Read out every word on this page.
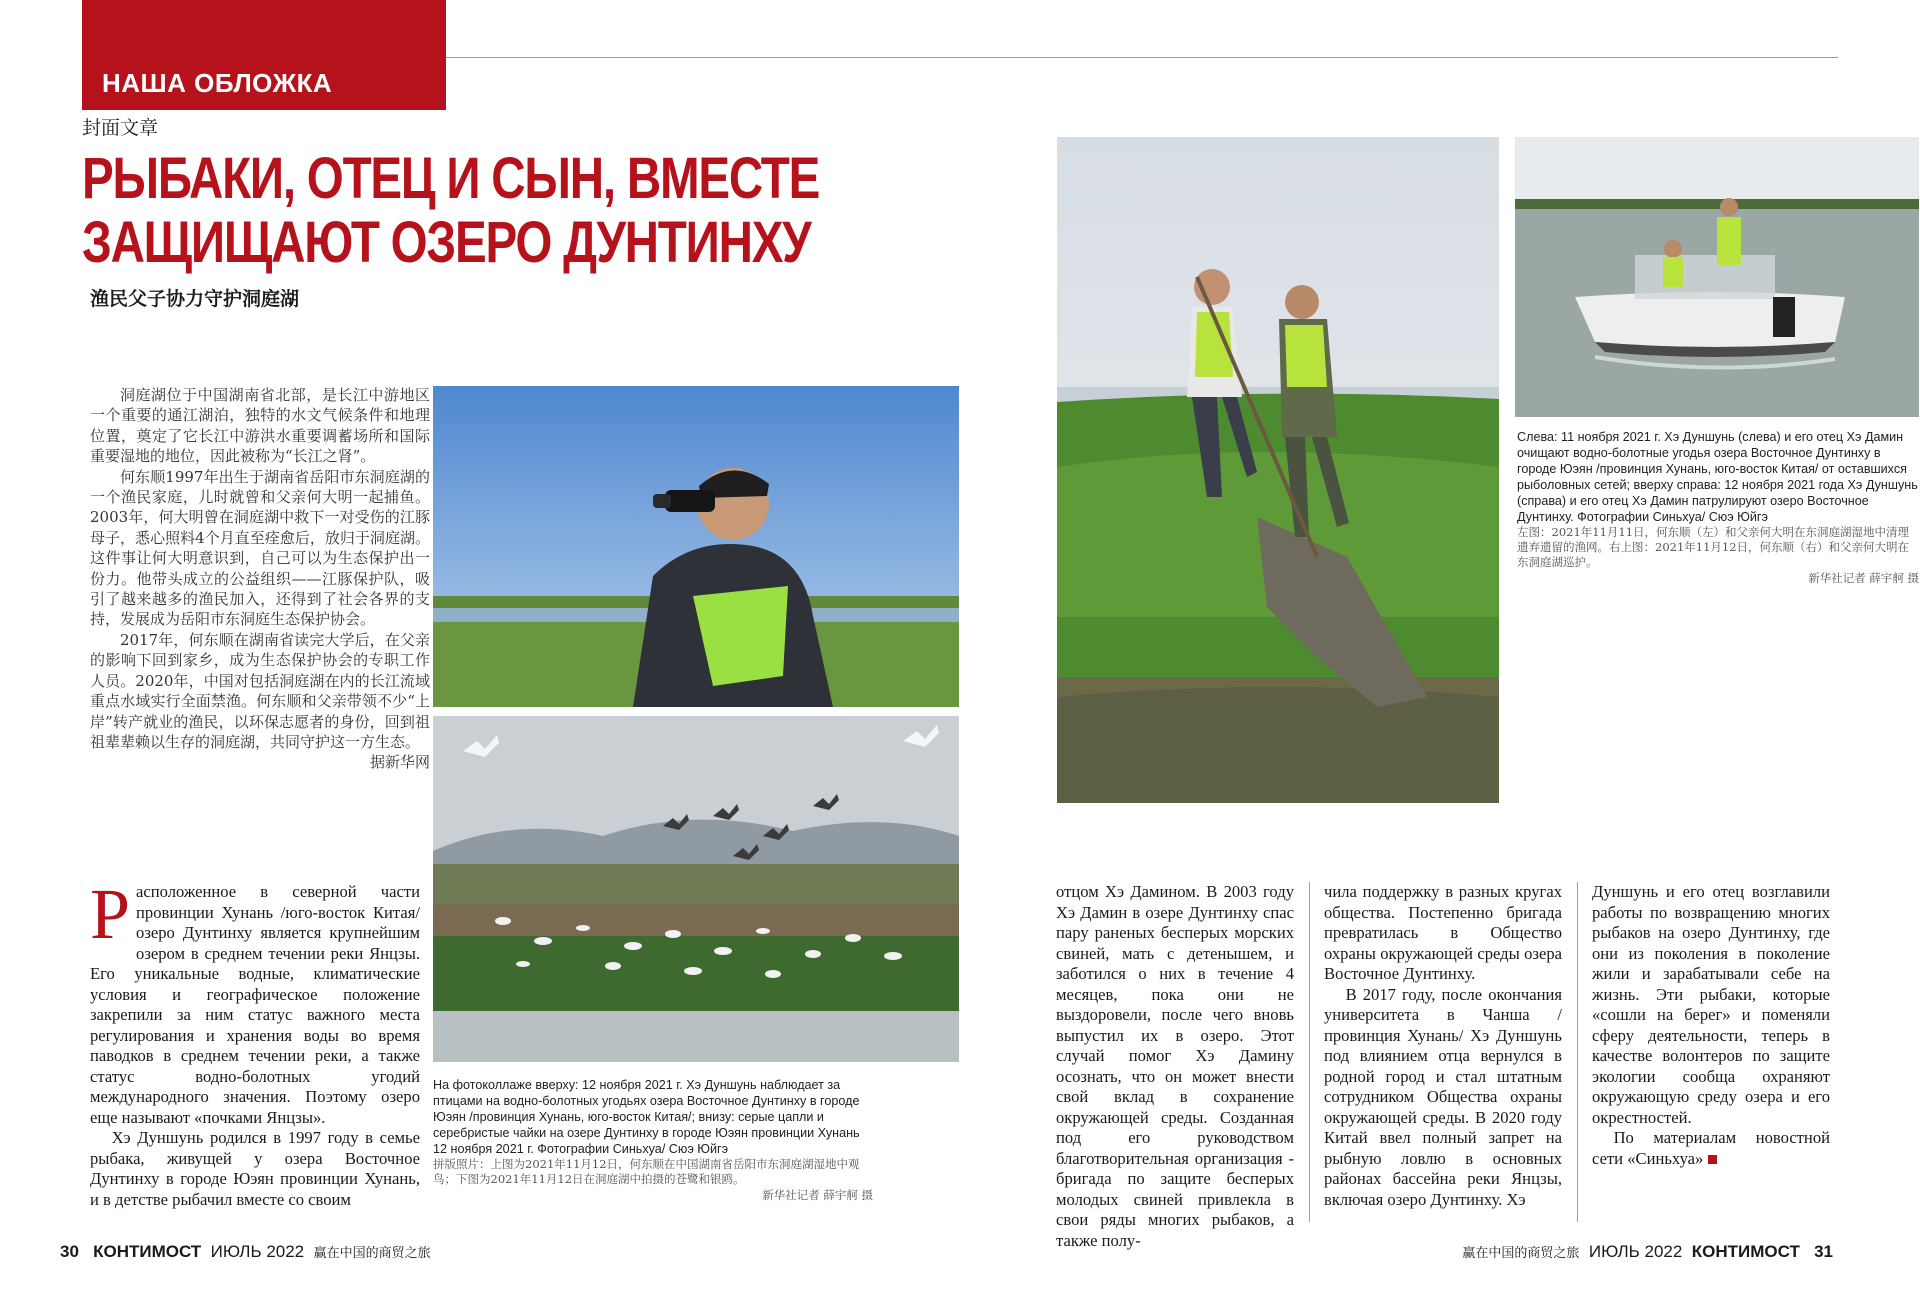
НАША ОБЛОЖКА
封面文章
РЫБАКИ, ОТЕЦ И СЫН, ВМЕСТЕ
ЗАЩИЩАЮТ ОЗЕРО ДУНТИНХУ
渔民父子协力守护洞庭湖

洞庭湖位于中国湖南省北部，是长江中游地区一个重要的通江湖泊，独特的水文气候条件和地理位置，奠定了它长江中游洪水重要调蓄场所和国际重要湿地的地位，因此被称为“长江之肾”。

何东顺1997年出生于湖南省岳阳市东洞庭湖的一个渔民家庭，儿时就曾和父亲何大明一起捕鱼。2003年，何大明曾在洞庭湖中救下一对受伤的江豚母子，悉心照料4个月直至痊愈后，放归于洞庭湖。这件事让何大明意识到，自己可以为生态保护出一份力。他带头成立的公益组织——江豚保护队，吸引了越来越多的渔民加入，还得到了社会各界的支持，发展成为岳阳市东洞庭生态保护协会。

2017年，何东顺在湖南省读完大学后，在父亲的影响下回到家乡，成为生态保护协会的专职工作人员。2020年，中国对包括洞庭湖在内的长江流域重点水域实行全面禁渔。何东顺和父亲带领不少“上岸”转产就业的渔民，以环保志愿者的身份，回到祖祖辈辈赖以生存的洞庭湖，共同守护这一方生态。

据新华网

На фотоколлаже вверху: 12 ноября 2021 г. Хэ Дуншунь наблюдает за птицами на водно-болотных угодьях озера Восточное Дунтинху в городе Юэян /провинция Хунань, юго-восток Китая/; внизу: серые цапли и серебристые чайки на озере Дунтинху в городе Юэян провинции Хунань 12 ноября 2021 г. Фотографии Синьхуа/ Сюэ Юйгэ
拼版照片：上图为2021年11月12日，何东顺在中国湖南省岳阳市东洞庭湖湿地中观鸟；下图为2021年11月12日在洞庭湖中拍摄的苍鹭和银鸥。
新华社记者 薛宇舸 摄
Слева: 11 ноября 2021 г. Хэ Дуншунь (слева) и его отец Хэ Дамин очищают водно-болотные угодья озера Восточное Дунтинху в городе Юэян /провинция Хунань, юго-восток Китая/ от оставшихся рыболовных сетей; вверху справа: 12 ноября 2021 года Хэ Дуншунь (справа) и его отец Хэ Дамин патрулируют озеро Восточное Дунтинху. Фотографии Синьхуа/ Сюэ Юйгэ
左图：2021年11月11日，何东顺（左）和父亲何大明在东洞庭湖湿地中清理遗弃遗留的渔网。右上图：2021年11月12日，何东顺（右）和父亲何大明在东洞庭湖巡护。
新华社记者 薛宇舸 摄

Расположенное в северной части провинции Хунань /юго-восток Китая/ озеро Дунтинху является крупнейшим озером в среднем течении реки Янцзы. Его уникальные водные, климатические условия и географическое положение закрепили за ним статус важного места регулирования и хранения воды во время паводков в среднем течении реки, а также статус водно-болотных угодий международного значения. Поэтому озеро еще называют «почками Янцзы».

Хэ Дуншунь родился в 1997 году в семье рыбака, живущей у озера Восточное Дунтинху в городе Юэян провинции Хунань, и в детстве рыбачил вместе со своим

отцом Хэ Дамином. В 2003 году Хэ Дамин в озере Дунтинху спас пару раненых бесперых морских свиней, мать с детенышем, и заботился о них в течение 4 месяцев, пока они не выздоровели, после чего вновь выпустил их в озеро. Этот случай помог Хэ Дамину осознать, что он может внести свой вклад в сохранение окружающей среды. Созданная под его руководством благотворительная организация - бригада по защите бесперых молодых свиней привлекла в свои ряды многих рыбаков, а также полу-

чила поддержку в разных кругах общества. Постепенно бригада превратилась в Общество охраны окружающей среды озера Восточное Дунтинху.

В 2017 году, после окончания университета в Чанша /провинция Хунань/ Хэ Дуншунь под влиянием отца вернулся в родной город и стал штатным сотрудником Общества охраны окружающей среды. В 2020 году Китай ввел полный запрет на рыбную ловлю в основных районах бассейна реки Янцзы, включая озеро Дунтинху. Хэ

Дуншунь и его отец возглавили работы по возвращению многих рыбаков на озеро Дунтинху, где они из поколения в поколение жили и зарабатывали себе на жизнь. Эти рыбаки, которые «сошли на берег» и поменяли сферу деятельности, теперь в качестве волонтеров по защите экологии сообща охраняют окружающую среду озера и его окрестностей.

По материалам новостной сети «Синьхуа»

30 КОНТИМОСТ ИЮЛЬ 2022 赢在中国的商贸之旅	赢在中国的商贸之旅 ИЮЛЬ 2022 КОНТИМОСТ 31
